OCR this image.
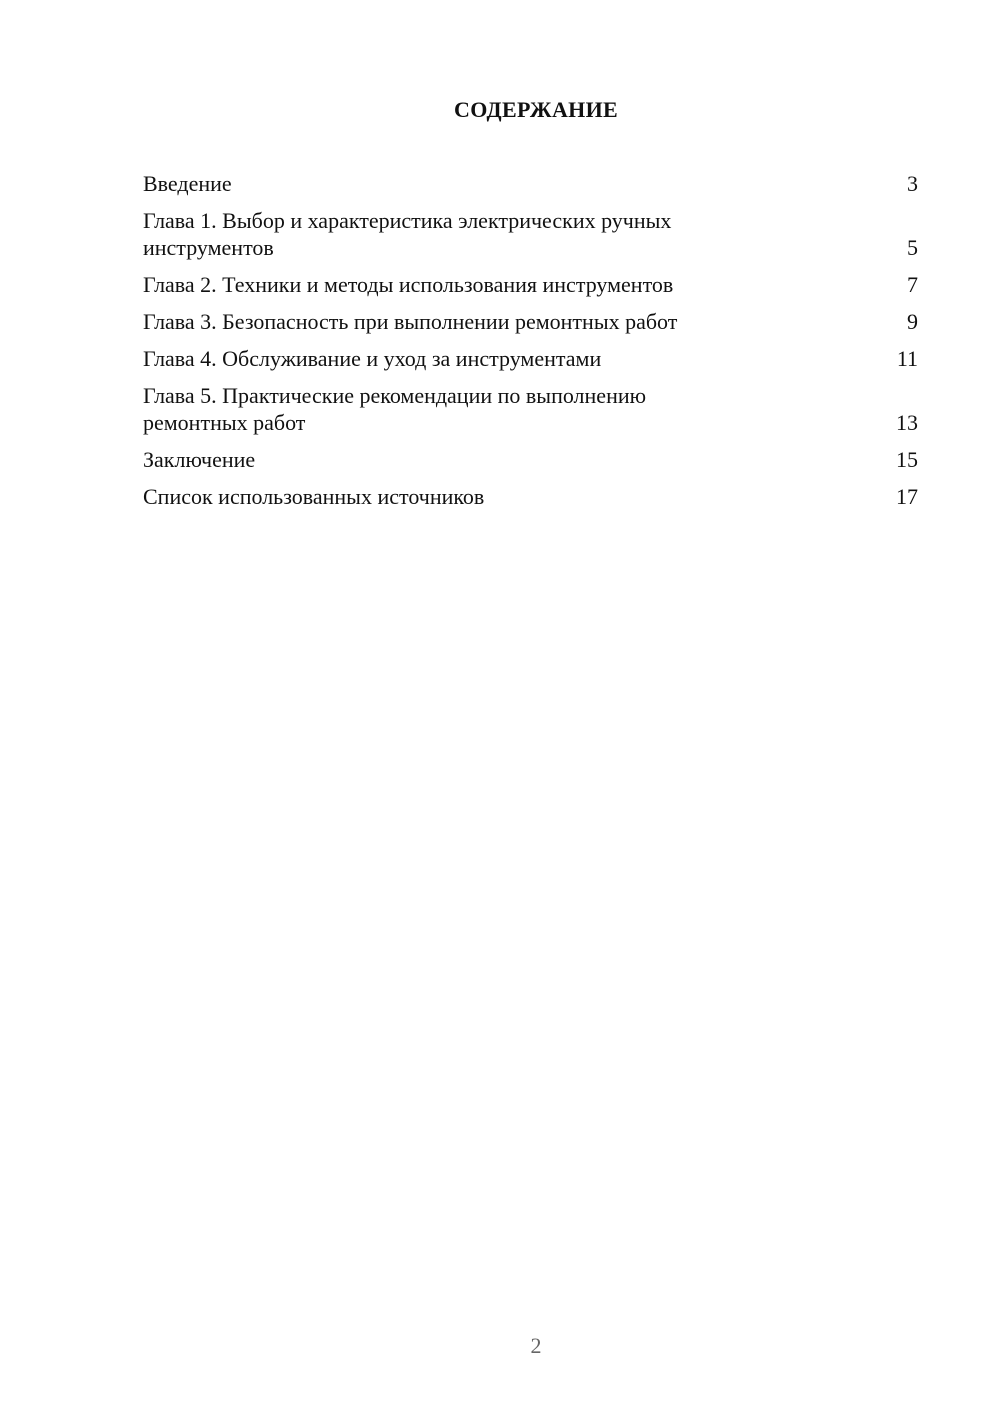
СОДЕРЖАНИЕ
Введение	3
Глава 1. Выбор и характеристика электрических ручных
инструментов	5
Глава 2. Техники и методы использования инструментов	7
Глава 3. Безопасность при выполнении ремонтных работ	9
Глава 4. Обслуживание и уход за инструментами	11
Глава 5. Практические рекомендации по выполнению
ремонтных работ	13
Заключение	15
Список использованных источников	17
2
